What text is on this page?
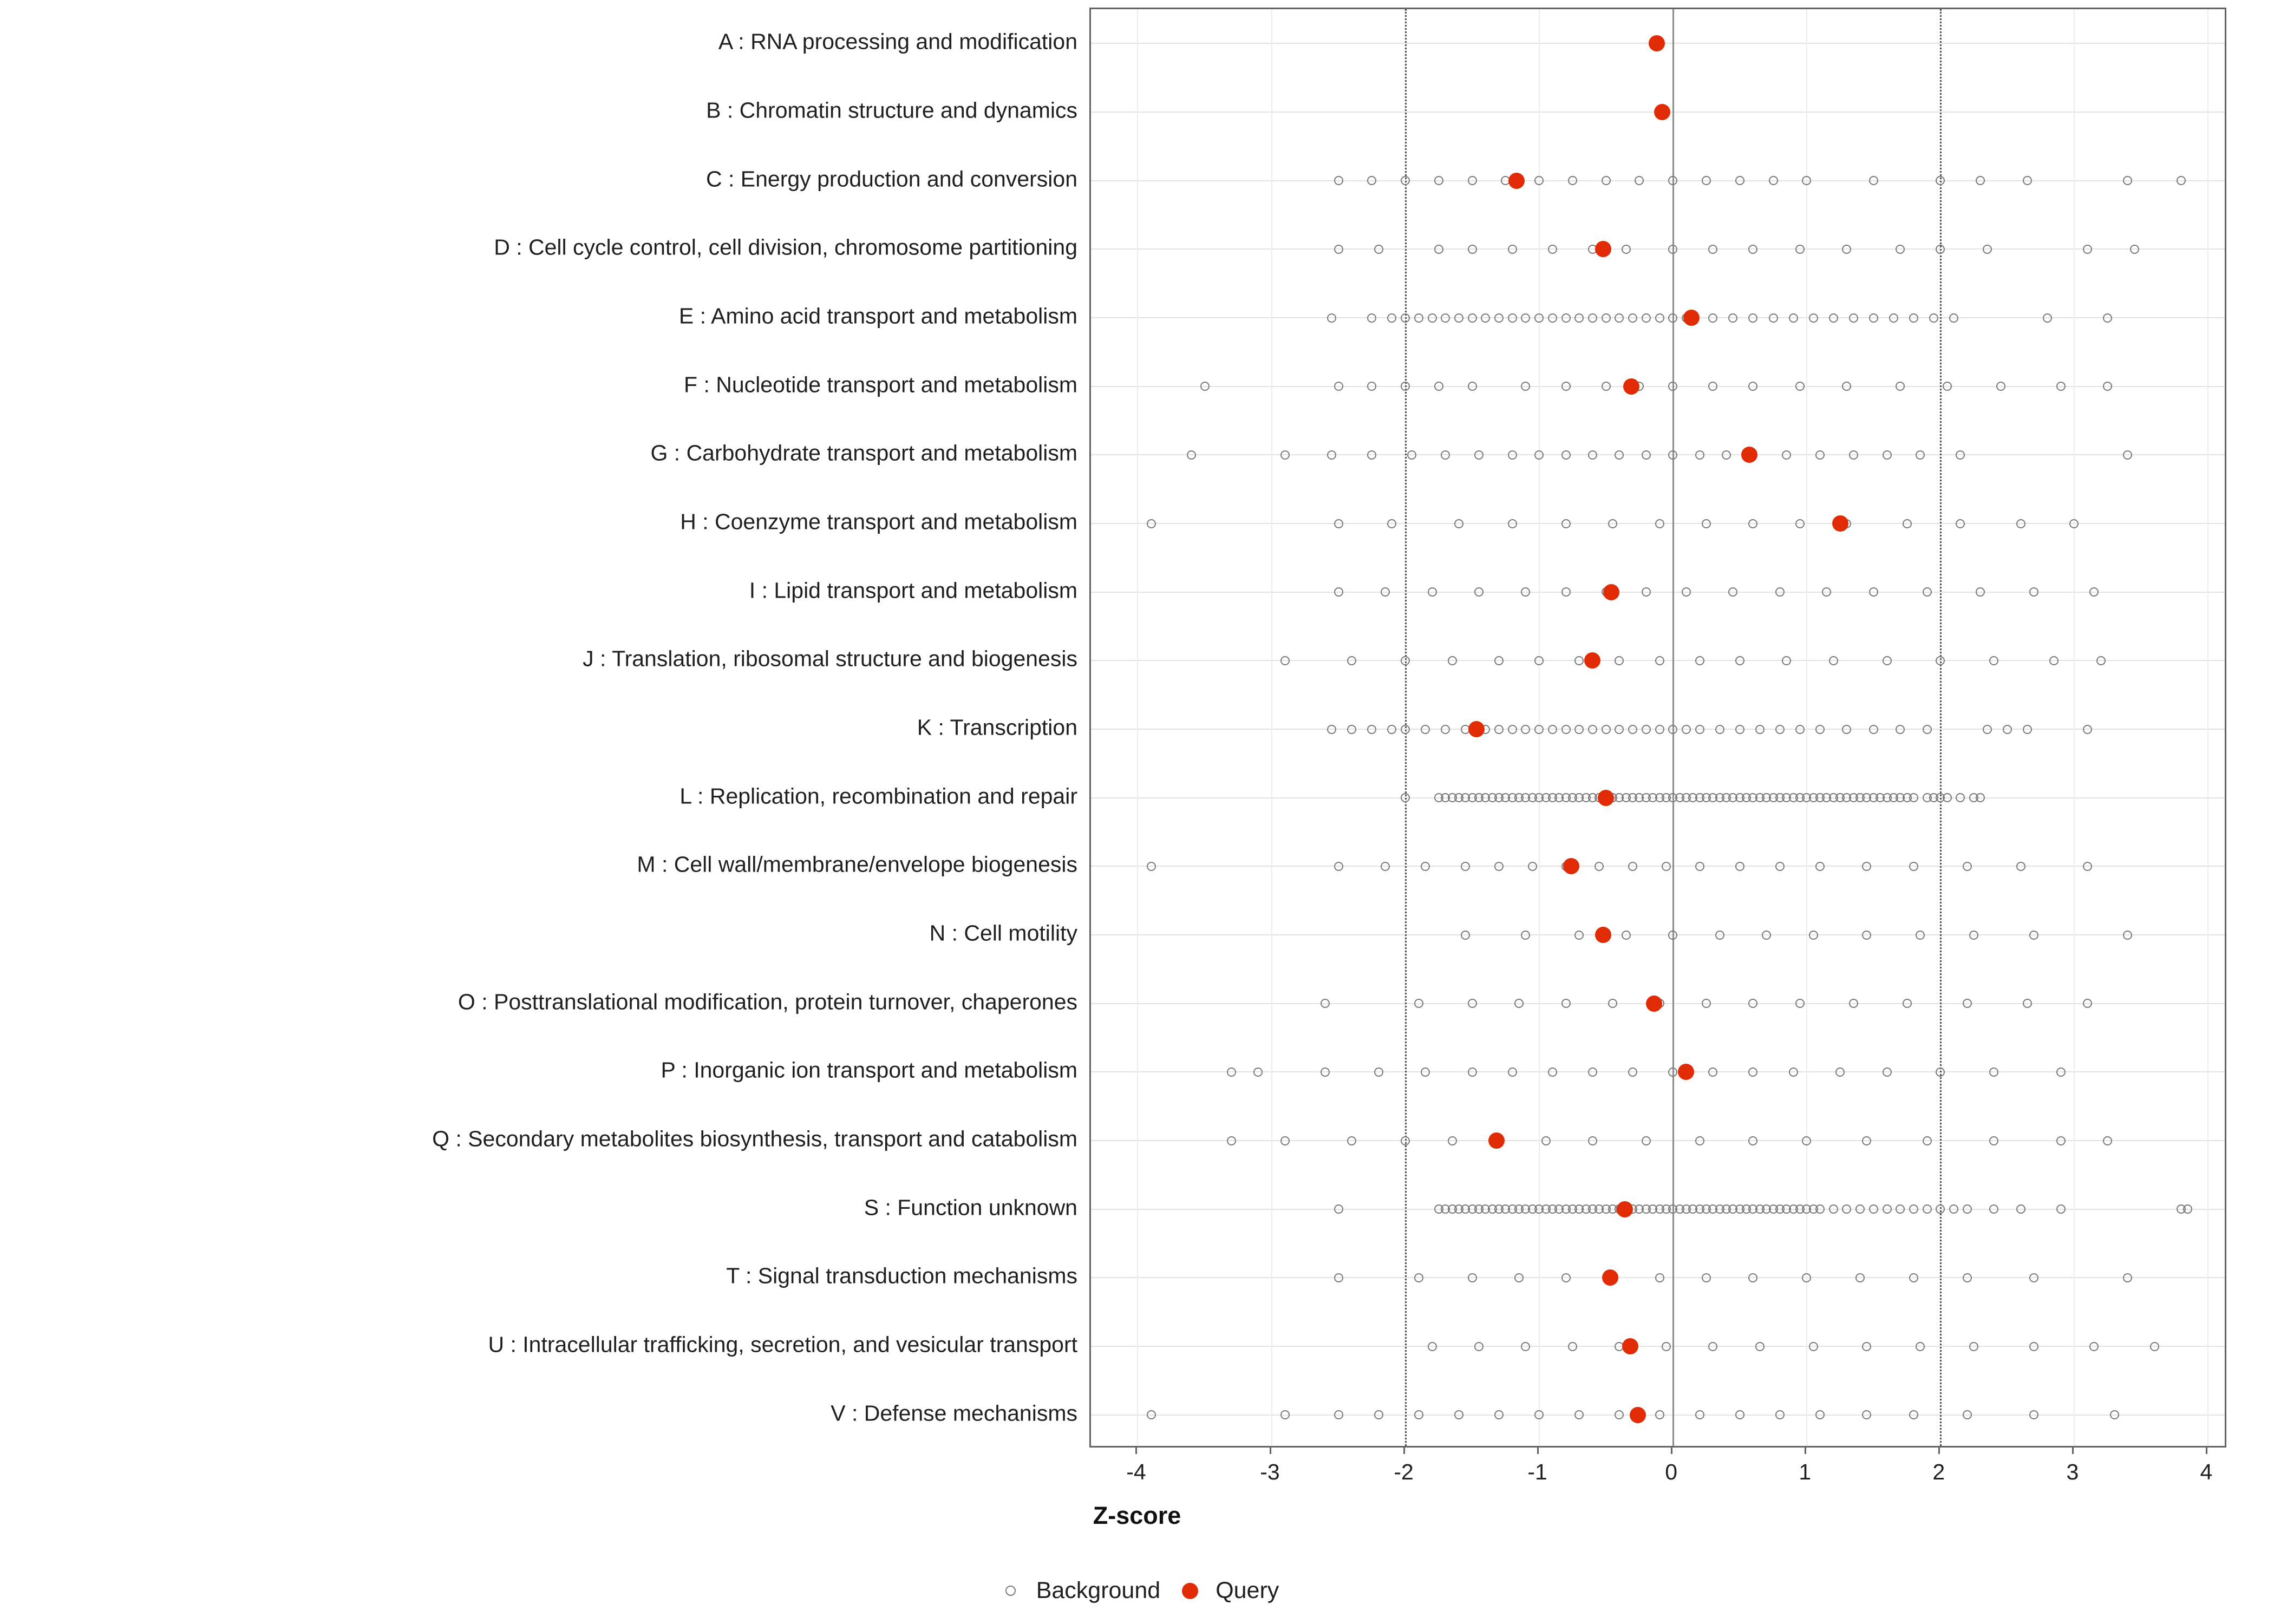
A : RNA processing and modification
B : Chromatin structure and dynamics
C : Energy production and conversion
D : Cell cycle control, cell division, chromosome partitioning
E : Amino acid transport and metabolism
F : Nucleotide transport and metabolism
G : Carbohydrate transport and metabolism
H : Coenzyme transport and metabolism
I : Lipid transport and metabolism
J : Translation, ribosomal structure and biogenesis
K : Transcription
L : Replication, recombination and repair
M : Cell wall/membrane/envelope biogenesis
N : Cell motility
O : Posttranslational modification, protein turnover, chaperones
P : Inorganic ion transport and metabolism
Q : Secondary metabolites biosynthesis, transport and catabolism
S : Function unknown
T : Signal transduction mechanisms
U : Intracellular trafficking, secretion, and vesicular transport
V : Defense mechanisms
-4	-3	-2	-1	0	1	2	3	4
Z-score
Background Query
